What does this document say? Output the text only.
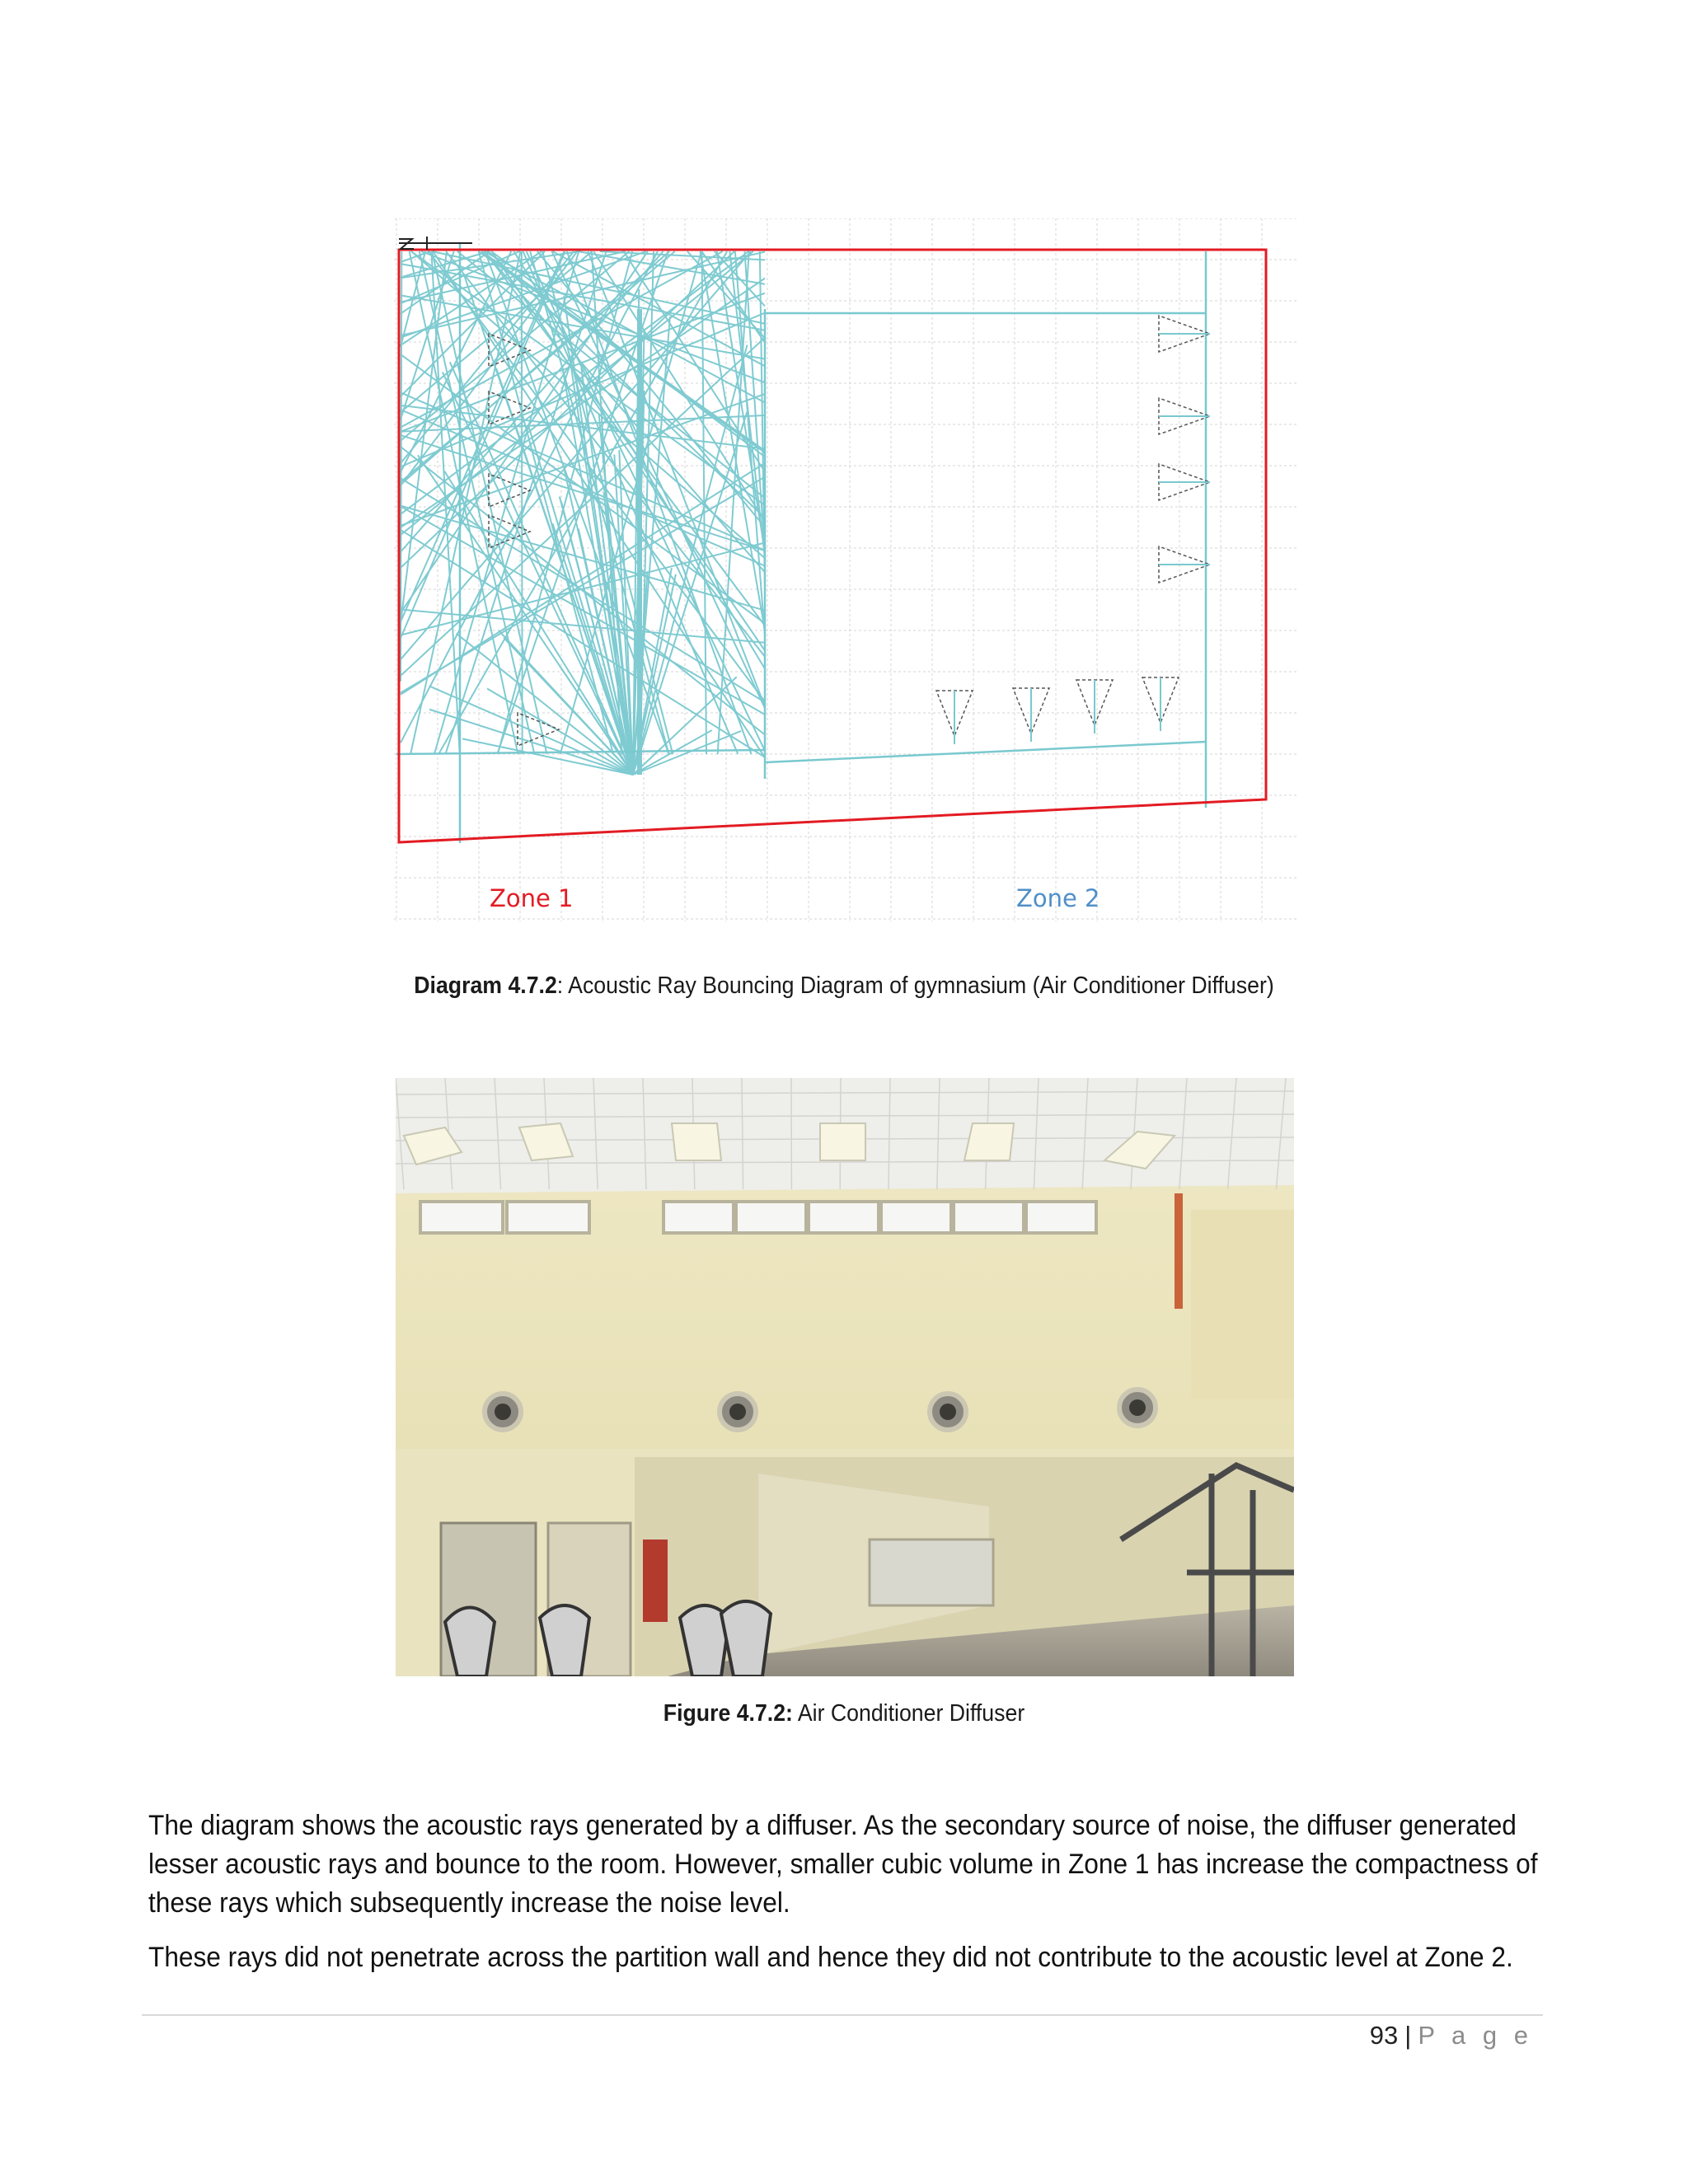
Zone 1	Zone 2
Diagram 4.7.2: Acoustic Ray Bouncing Diagram of gymnasium (Air Conditioner Diffuser)
Figure 4.7.2: Air Conditioner Diffuser

The diagram shows the acoustic rays generated by a diffuser. As the secondary source of noise, the diffuser generated lesser acoustic rays and bounce to the room. However, smaller cubic volume in Zone 1 has increase the compactness of these rays which subsequently increase the noise level.

These rays did not penetrate across the partition wall and hence they did not contribute to the acoustic level at Zone 2.

93 | P a g e
